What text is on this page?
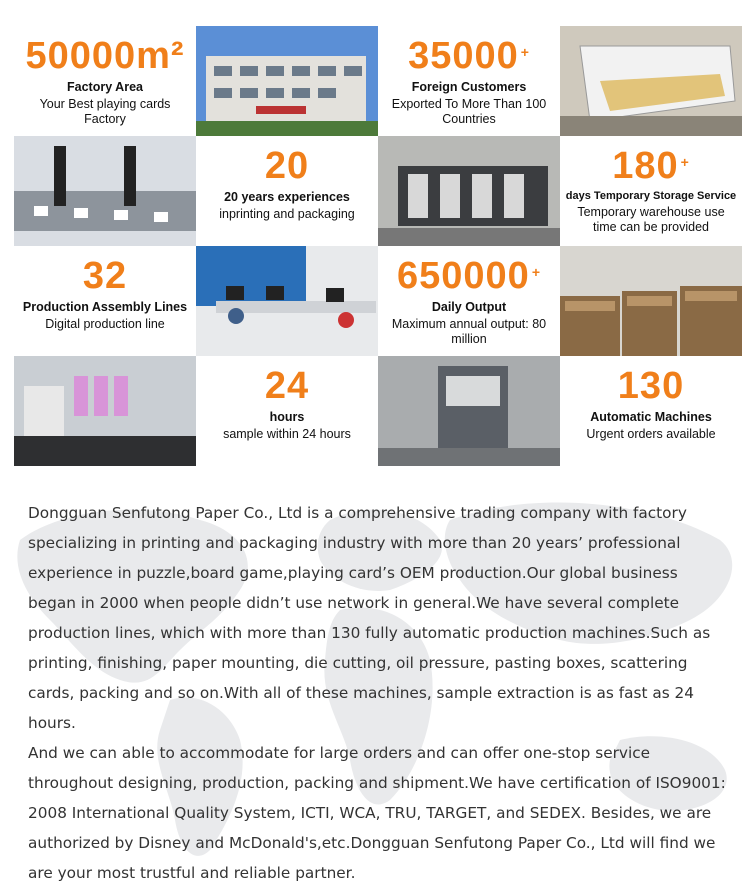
50000m²
Factory Area
Your Best playing cards Factory
35000 +
Foreign Customers
Exported To More Than 100 Countries
20
20 years experiences
inprinting and packaging
180 +
days Temporary Storage Service
Temporary warehouse use time can be provided
32
Production Assembly Lines
Digital production line
650000 +
Daily Output
Maximum annual output: 80 million
24
hours
sample within 24 hours
130
Automatic Machines
Urgent orders available

Dongguan Senfutong Paper Co., Ltd is a comprehensive trading company with factory specializing in printing and packaging industry with more than 20 years’ professional experience in puzzle,board game,playing card’s OEM production.Our global business began in 2000 when people didn’t use network in general.We have several complete production lines, which with more than 130 fully automatic production machines.Such as printing, finishing, paper mounting, die cutting, oil pressure, pasting boxes, scattering cards, packing and so on.With all of these machines, sample extraction is as fast as 24 hours.

And we can able to accommodate for large orders and can offer one-stop service throughout designing, production, packing and shipment.We have certification of ISO9001: 2008 International Quality System, ICTI, WCA, TRU, TARGET, and SEDEX. Besides, we are authorized by Disney and McDonald's,etc.Dongguan Senfutong Paper Co., Ltd will find we are your most trustful and reliable partner.
